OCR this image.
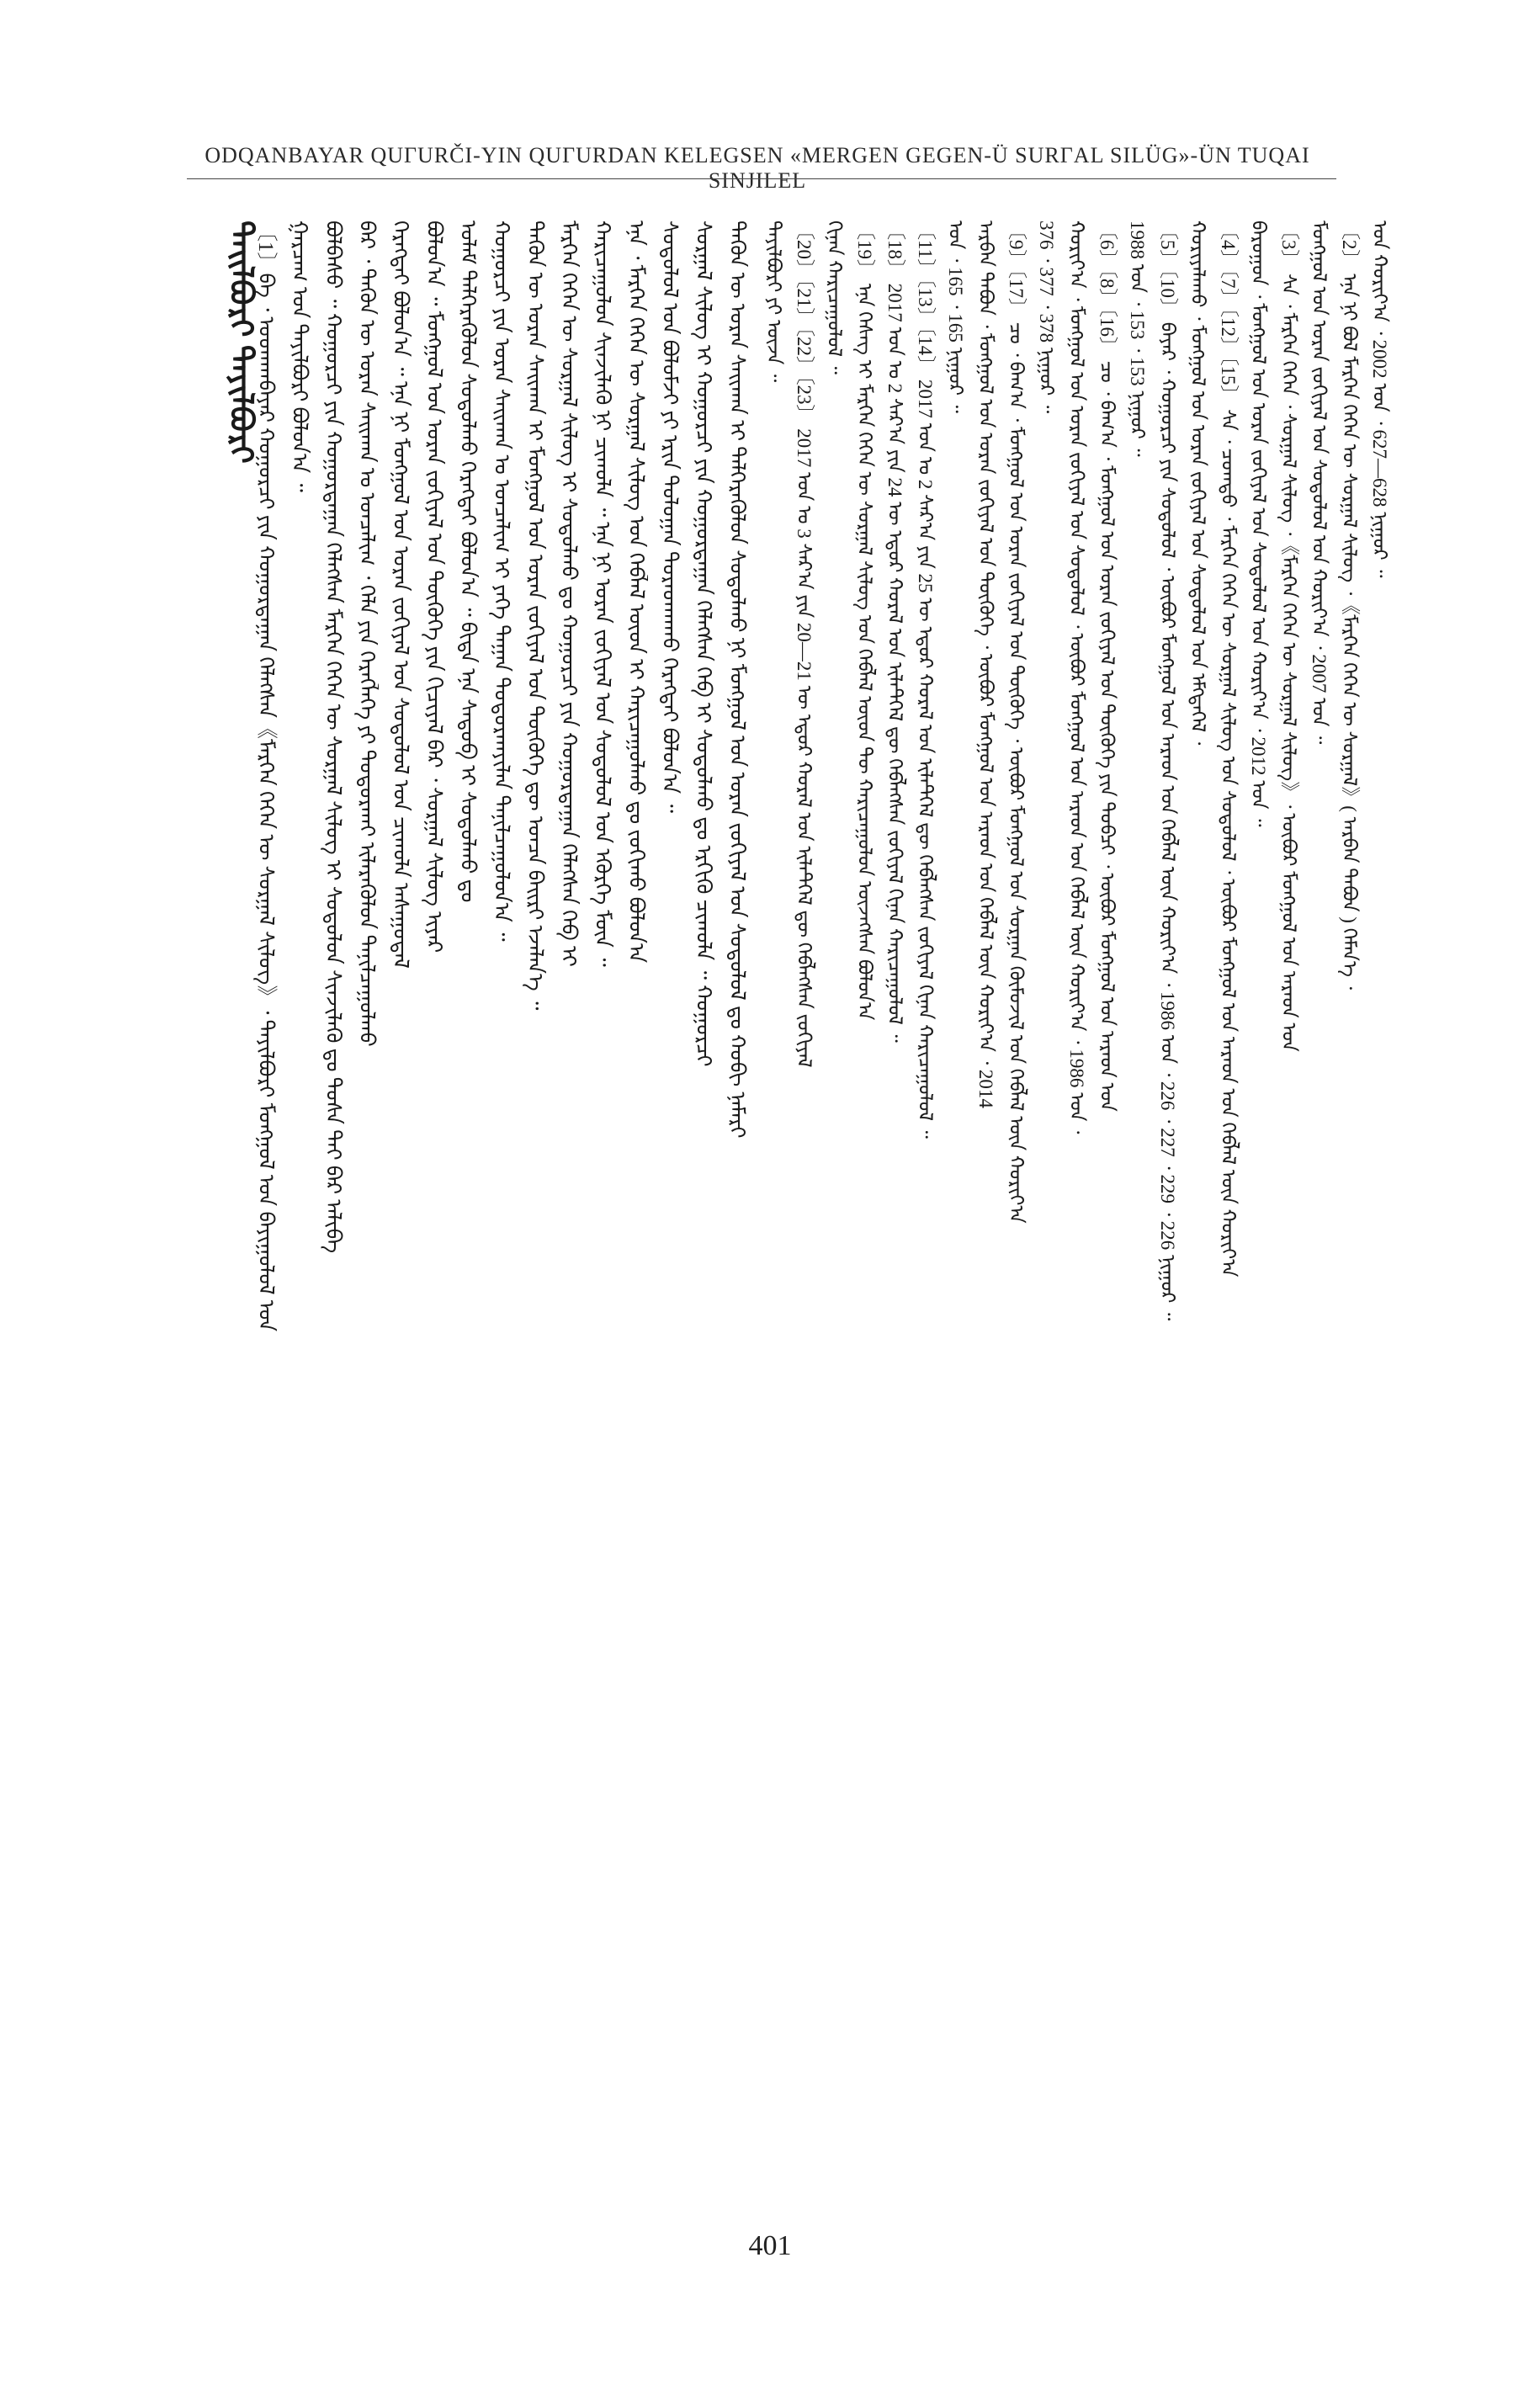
ODQANBAYAR QUΓURČI-YIN QUΓURDAN KELEGSEN «MERGEN GEGEN-Ü SURΓAL SILÜG»-ÜN TUQAI SINJILEL
ᠲᠠᠢᠯᠪᠤᠷᠢ ᠲᠠᠶᠢᠯᠪᠤᠷᠢ
᠍〔1〕ᠪᠠ ᠂ ᠣᠳᠬᠠᠨᠪᠠᠶᠠᠷ ᠬᠤᠭᠤᠷᠴᠢ ᠶᠢᠨ ᠬᠤᠭᠤᠷᠳᠠᠭᠠᠨ ᠬᠡᠯᠡᠭᠰᠡᠨ《ᠮᠡᠷᠭᠡᠨ ᠭᠡᠭᠡᠨ ᠦ ᠰᠤᠷᠭᠠᠯ ᠰᠢᠯᠦᠭ》᠂ ᠲᠠᠶᠢᠯᠪᠤᠷᠢ ᠮᠣᠩᠭᠣᠯ ᠤᠨ ᠪᠠᠶᠢᠭᠤᠯᠤᠯ ᠤᠨ ᠭᠠᠷᠴᠠᠭ ᠤᠨ ᠲᠠᠶᠢᠯᠪᠤᠷᠢ ᠪᠣᠯᠤᠨ᠎ᠠ ᠃ ᠪᠣᠯᠪᠠᠰᠤ ᠃ ᠬᠤᠭᠤᠷᠴᠢ ᠶᠢᠨ ᠬᠤᠭᠤᠷᠳᠠᠭᠠᠨ ᠬᠡᠯᠡᠭᠰᠡᠨ ᠮᠡᠷᠭᠡᠨ ᠭᠡᠭᠡᠨ ᠦ ᠰᠤᠷᠭᠠᠯ ᠰᠢᠯᠦᠭ ᠢ ᠰᠤᠳᠤᠯᠤᠨ ᠰᠢᠨᠵᠢᠯᠡᠬᠦ ᠳᠤ ᠲᠤᠰᠠ ᠲᠠᠢ ᠪᠡᠷ ᠠᠯᠢᠪᠠ ᠪᠠᠷ ᠂ ᠲᠡᠭᠦᠨ ᠦ ᠤᠷᠠᠨ ᠰᠠᠢᠬᠠᠨ ᠤ ᠤᠨᠴᠠᠯᠢᠭ ᠂ ᠬᠡᠯᠡ ᠶᠢᠨ ᠬᠡᠷᠡᠭᠯᠡᠭᠡ ᠶᠢ ᠲᠣᠳᠣᠷᠬᠠᠶ ᠢᠯᠡᠷᠡᠭᠦᠯᠦᠨ ᠲᠠᠨᠢᠯᠴᠠᠭᠤᠯᠬᠤ ᠬᠡᠷᠡᠭᠲᠡᠢ ᠪᠣᠯᠤᠨ᠎ᠠ ᠃ ᠡᠨᠡ ᠨᠢ ᠮᠣᠩᠭᠣᠯ ᠤᠨ ᠤᠷᠠᠨ ᠵᠣᠬᠢᠶᠠᠯ ᠤᠨ ᠰᠤᠳᠤᠯᠤᠯ ᠤᠨ ᠴᠢᠬᠤᠯᠠ ᠠᠰᠠᠭᠤᠳᠠᠯ ᠪᠣᠯᠤᠨ᠎ᠠ ᠃ ᠮᠣᠩᠭᠣᠯ ᠤᠨ ᠤᠷᠠᠨ ᠵᠣᠬᠢᠶᠠᠯ ᠤᠨ ᠲᠦᠭᠦᠬᠡ ᠶᠢᠨ ᠬᠢᠴᠢᠶᠡᠯ ᠪᠠᠷ ᠂ ᠰᠤᠷᠭᠠᠯ ᠰᠢᠯᠦᠭ ᠢᠶᠡᠷ ᠤᠯᠠᠮ ᠳᠡᠯᠭᠡᠷᠡᠭᠦᠯᠦᠨ ᠰᠤᠳᠤᠯᠬᠤ ᠬᠡᠷᠡᠭᠲᠡᠢ ᠪᠣᠯᠤᠨ᠎ᠠ ᠃ ᠪᠢᠳᠡ ᠡᠨᠡ ᠰᠡᠳᠦᠪ ᠢ ᠰᠤᠳᠤᠯᠬᠤ ᠳᠤ ᠬᠤᠭᠤᠷᠴᠢ ᠶᠢᠨ ᠤᠷᠠᠨ ᠰᠠᠢᠬᠠᠨ ᠤ ᠤᠨᠴᠠᠯᠢᠭ ᠢ ᠶᠡᠬᠡ ᠳᠠᠭᠠᠨ ᠲᠣᠳᠣᠷᠬᠠᠶᠢᠯᠠᠨ ᠲᠠᠨᠢᠯᠴᠠᠭᠤᠯᠤᠨ᠎ᠠ ᠃ ᠲᠡᠭᠦᠨ ᠦ ᠤᠷᠠᠨ ᠰᠠᠢᠬᠠᠨ ᠢ ᠮᠣᠩᠭᠣᠯ ᠤᠨ ᠤᠷᠠᠨ ᠵᠣᠬᠢᠶᠠᠯ ᠤᠨ ᠲᠦᠭᠦᠬᠡ ᠳᠦ ᠣᠨᠴᠠ ᠪᠠᠢᠷᠢ ᠡᠵᠡᠯᠡᠨ᠎ᠡ ᠃ ᠮᠡᠷᠭᠡᠨ ᠭᠡᠭᠡᠨ ᠦ ᠰᠤᠷᠭᠠᠯ ᠰᠢᠯᠦᠭ ᠢ ᠰᠤᠳᠤᠯᠬᠤ ᠳᠤ ᠬᠤᠭᠤᠷᠴᠢ ᠶᠢᠨ ᠬᠤᠭᠤᠷᠳᠠᠭᠠᠨ ᠬᠡᠯᠡᠭᠰᠡᠨ ᠬᠡᠪ ᠢ ᠬᠠᠷᠢᠴᠠᠭᠤᠯᠤᠨ ᠰᠢᠨᠵᠢᠯᠡᠬᠦ ᠨᠢ ᠴᠢᠬᠤᠯᠠ ᠃ ᠡᠨᠡ ᠨᠢ ᠤᠷᠠᠨ ᠵᠣᠬᠢᠶᠠᠯ ᠤᠨ ᠰᠤᠳᠤᠯᠤᠯ ᠤᠨ ᠡᠭᠦᠷᠭᠡ ᠮᠥᠨ ᠃ ᠡᠨᠡ ᠂ ᠮᠡᠷᠭᠡᠨ ᠭᠡᠭᠡᠨ ᠦ ᠰᠤᠷᠭᠠᠯ ᠰᠢᠯᠦᠭ ᠤᠨ ᠬᠡᠪᠯᠡᠯ ᠦᠳ ᠢ ᠬᠠᠷᠢᠴᠠᠭᠤᠯᠬᠤ ᠳᠤ ᠵᠣᠬᠢᠬᠤ ᠪᠣᠯᠤᠨ᠎ᠠ ᠰᠤᠳᠤᠯᠤᠯ ᠤᠨ ᠪᠣᠯᠤᠮᠵᠢ ᠶᠢ ᠡᠷᠢᠨ ᠲᠤᠯᠤᠭᠠᠨ ᠳᠤᠷᠠᠳᠬᠠᠬᠤ ᠬᠡᠷᠡᠭᠲᠡᠢ ᠪᠣᠯᠤᠨ᠎ᠠ ᠃ ᠰᠤᠷᠭᠠᠯ ᠰᠢᠯᠦᠭ ᠢ ᠬᠤᠭᠤᠷᠴᠢ ᠶᠢᠨ ᠬᠤᠭᠤᠷᠳᠠᠭᠠᠨ ᠬᠡᠯᠡᠭᠰᠡᠨ ᠬᠡᠪ ᠢ ᠰᠤᠳᠤᠯᠬᠤ ᠳᠤ ᠡᠷᠭᠢᠬᠦ ᠴᠢᠬᠤᠯᠠ ᠃ ᠬᠤᠭᠤᠷᠴᠢ ᠲᠡᠭᠦᠨ ᠦ ᠤᠷᠠᠨ ᠰᠠᠢᠬᠠᠨ ᠢ ᠳᠡᠯᠭᠡᠷᠡᠭᠦᠯᠦᠨ ᠰᠤᠳᠤᠯᠬᠤ ᠨᠢ ᠮᠣᠩᠭᠣᠯ ᠤᠨ ᠤᠷᠠᠨ ᠵᠣᠬᠢᠶᠠᠯ ᠤᠨ ᠰᠤᠳᠤᠯᠤᠯ ᠳᠤ ᠬᠣᠪᠢ ᠨᠡᠮᠡᠷᠢ ᠲᠠᠶᠢᠯᠪᠤᠷᠢ ᠶᠢ ᠦᠵᠡ ᠃ 〔20〕〔21〕〔22〕〔23〕 2017 ᠣᠨ ᠤ 3 ᠰᠠᠷ᠎ᠠ ᠶᠢᠨ 20—21 ᠦ ᠡᠳᠦᠷ ᠬᠤᠷᠠᠯ ᠤᠨ ᠢᠯᠡᠲᠬᠡᠯ ᠳᠦ ᠬᠡᠪᠯᠡᠭᠰᠡᠨ ᠵᠣᠬᠢᠶᠠᠯ ᠬᠢᠨᠠᠨ ᠬᠠᠷᠢᠴᠠᠭᠤᠯᠤᠯ ᠃ 〔19〕 ᠡᠨᠡ ᠬᠡᠰᠡᠭ ᠢ ᠮᠡᠷᠭᠡᠨ ᠭᠡᠭᠡᠨ ᠦ ᠰᠤᠷᠭᠠᠯ ᠰᠢᠯᠦᠭ ᠤᠨ ᠬᠡᠪᠯᠡᠯ ᠦᠳ ᠲᠦ ᠬᠠᠷᠢᠴᠠᠭᠤᠯᠤᠨ ᠦᠵᠡᠭᠰᠡᠨ ᠪᠣᠯᠤᠨ᠎ᠠ 〔18〕 2017 ᠣᠨ ᠤ 2 ᠰᠠᠷ᠎ᠠ ᠶᠢᠨ 24 ᠦ ᠡᠳᠦᠷ ᠬᠤᠷᠠᠯ ᠤᠨ ᠢᠯᠡᠲᠬᠡᠯ ᠳᠦ ᠬᠡᠪᠯᠡᠭᠰᠡᠨ ᠵᠣᠬᠢᠶᠠᠯ ᠬᠢᠨᠠᠨ ᠬᠠᠷᠢᠴᠠᠭᠤᠯᠤᠯ ᠃ 〔11〕〔13〕〔14〕 2017 ᠣᠨ ᠤ 2 ᠰᠠᠷ᠎ᠠ ᠶᠢᠨ 25 ᠦ ᠡᠳᠦᠷ ᠬᠤᠷᠠᠯ ᠤᠨ ᠢᠯᠡᠲᠬᠡᠯ ᠳᠦ ᠬᠡᠪᠯᠡᠭᠰᠡᠨ ᠵᠣᠬᠢᠶᠠᠯ ᠬᠢᠨᠠᠨ ᠬᠠᠷᠢᠴᠠᠭᠤᠯᠤᠯ ᠃ ᠣᠨ ᠂ 165 ᠂ 165 ᠨᠢᠭᠤᠷ ᠃ ᠠᠷᠪᠠᠨ ᠲᠠᠪᠤᠨ ᠂ ᠮᠣᠩᠭᠣᠯ ᠤᠨ ᠤᠷᠠᠨ ᠵᠣᠬᠢᠶᠠᠯ ᠤᠨ ᠲᠦᠭᠦᠬᠡ ᠂ ᠦᠪᠦᠷ ᠮᠣᠩᠭᠣᠯ ᠤᠨ ᠠᠷᠠᠳ ᠤᠨ ᠬᠡᠪᠯᠡᠯ ᠦᠨ ᠬᠣᠷᠢᠶ᠎ᠠ ᠂ 2014 〔9〕〔17〕 ᠴᠣ ᠂ ᠪᠠᠭ᠎ᠠ ᠂ ᠮᠣᠩᠭᠣᠯ ᠤᠨ ᠤᠷᠠᠨ ᠵᠣᠬᠢᠶᠠᠯ ᠤᠨ ᠲᠦᠭᠦᠬᠡ ᠂ ᠦᠪᠦᠷ ᠮᠣᠩᠭᠣᠯ ᠤᠨ ᠰᠤᠷᠭᠠᠨ ᠬᠦᠮᠦᠵᠢᠯ ᠤᠨ ᠬᠡᠪᠯᠡᠯ ᠦᠨ ᠬᠣᠷᠢᠶ᠎ᠠ 376 ᠂ 377 ᠂ 378 ᠨᠢᠭᠤᠷ ᠃ ᠬᠣᠷᠢᠶ᠎ᠠ ᠂ ᠮᠣᠩᠭᠣᠯ ᠤᠨ ᠤᠷᠠᠨ ᠵᠣᠬᠢᠶᠠᠯ ᠤᠨ ᠰᠤᠳᠤᠯᠤᠯ ᠂ ᠦᠪᠦᠷ ᠮᠣᠩᠭᠣᠯ ᠤᠨ ᠠᠷᠠᠳ ᠤᠨ ᠬᠡᠪᠯᠡᠯ ᠦᠨ ᠬᠣᠷᠢᠶ᠎ᠠ ᠂ 1986 ᠣᠨ ᠂ 〔6〕〔8〕〔16〕 ᠴᠣ ᠂ ᠪᠠᠭ᠎ᠠ ᠂ ᠮᠣᠩᠭᠣᠯ ᠤᠨ ᠤᠷᠠᠨ ᠵᠣᠬᠢᠶᠠᠯ ᠤᠨ ᠲᠦᠭᠦᠬᠡ ᠶᠢᠨ ᠲᠣᠪᠴᠢ ᠂ ᠦᠪᠦᠷ ᠮᠣᠩᠭᠣᠯ ᠤᠨ ᠠᠷᠠᠳ ᠤᠨ 1988 ᠣᠨ ᠂ 153 ᠂ 153 ᠨᠢᠭᠤᠷ ᠃ 〔5〕〔10〕 ᠪᠠᠶᠠᠷ ᠂ ᠬᠤᠭᠤᠷᠴᠢ ᠶᠢᠨ ᠰᠤᠳᠤᠯᠤᠯ ᠂ ᠦᠪᠦᠷ ᠮᠣᠩᠭᠣᠯ ᠤᠨ ᠠᠷᠠᠳ ᠤᠨ ᠬᠡᠪᠯᠡᠯ ᠦᠨ ᠬᠣᠷᠢᠶ᠎ᠠ ᠂ 1986 ᠣᠨ ᠂ 226 ᠂ 227 ᠂ 229 ᠂ 226 ᠨᠢᠭᠤᠷ ᠃ ᠬᠣᠷᠢᠶᠠᠯᠠᠬᠤ ᠂ ᠮᠣᠩᠭᠣᠯ ᠤᠨ ᠤᠷᠠᠨ ᠵᠣᠬᠢᠶᠠᠯ ᠤᠨ ᠰᠤᠳᠤᠯᠤᠯ ᠤᠨ ᠡᠮᠬᠲᠡᠭᠡᠯ ᠂ 〔4〕〔7〕〔12〕〔15〕 ᠰᠠ ᠂ ᠴᠣᠭᠲᠤ ᠂ ᠮᠡᠷᠭᠡᠨ ᠭᠡᠭᠡᠨ ᠦ ᠰᠤᠷᠭᠠᠯ ᠰᠢᠯᠦᠭ ᠤᠨ ᠰᠤᠳᠤᠯᠤᠯ ᠂ ᠦᠪᠦᠷ ᠮᠣᠩᠭᠣᠯ ᠤᠨ ᠠᠷᠠᠳ ᠤᠨ ᠬᠡᠪᠯᠡᠯ ᠦᠨ ᠬᠣᠷᠢᠶ᠎ᠠ ᠪᠠᠷᠤᠭᠤᠨ ᠂ ᠮᠣᠩᠭᠣᠯ ᠤᠨ ᠤᠷᠠᠨ ᠵᠣᠬᠢᠶᠠᠯ ᠤᠨ ᠰᠤᠳᠤᠯᠤᠯ ᠤᠨ ᠬᠣᠷᠢᠶ᠎ᠠ ᠂ 2012 ᠣᠨ ᠃ 〔3〕 ᠰᠠ ᠂ ᠮᠡᠷᠭᠡᠨ ᠭᠡᠭᠡᠨ ᠂ ᠰᠤᠷᠭᠠᠯ ᠰᠢᠯᠦᠭ ᠂《ᠮᠡᠷᠭᠡᠨ ᠭᠡᠭᠡᠨ ᠦ ᠰᠤᠷᠭᠠᠯ ᠰᠢᠯᠦᠭ》᠂ ᠦᠪᠦᠷ ᠮᠣᠩᠭᠣᠯ ᠤᠨ ᠠᠷᠠᠳ ᠤᠨ ᠮᠣᠩᠭᠣᠯ ᠤᠨ ᠤᠷᠠᠨ ᠵᠣᠬᠢᠶᠠᠯ ᠤᠨ ᠰᠤᠳᠤᠯᠤᠯ ᠤᠨ ᠬᠣᠷᠢᠶ᠎ᠠ ᠂ 2007 ᠣᠨ ᠃ 〔2〕 ᠡᠨᠡ ᠨᠢ ᠪᠣᠯ ᠮᠡᠷᠭᠡᠨ ᠭᠡᠭᠡᠨ ᠦ ᠰᠤᠷᠭᠠᠯ ᠰᠢᠯᠦᠭ ᠂《ᠮᠡᠷᠭᠡᠨ ᠭᠡᠭᠡᠨ ᠦ ᠰᠤᠷᠭᠠᠯ》( ᠠᠷᠪᠠᠨ ᠲᠠᠪᠤᠨ ) ᠬᠡᠮᠡᠨ᠎ᠡ ᠂ ᠤᠨ ᠬᠣᠷᠢᠶ᠎ᠠ ᠂ 2002 ᠣᠨ ᠂ 627—628 ᠨᠢᠭᠤᠷ ᠃
401
